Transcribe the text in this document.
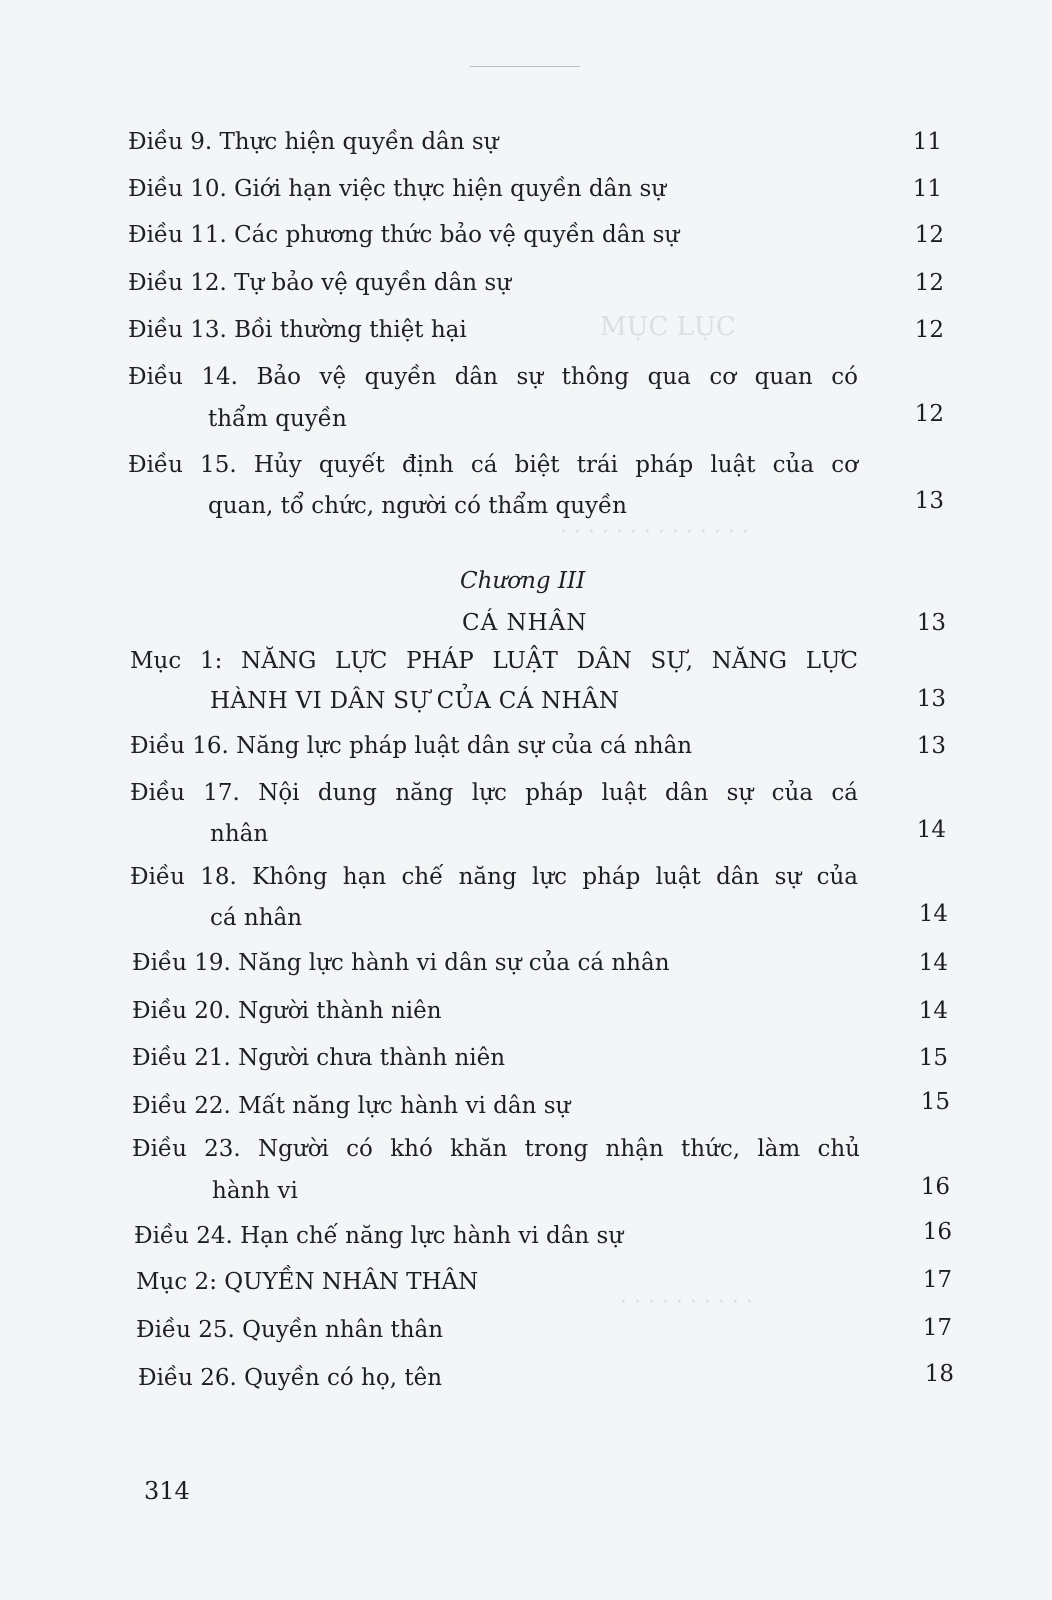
MỤC LỤC
· · · · · · · · · · · · · ·
· · · · · · · · · ·
Điều 9. Thực hiện quyền dân sự	11
Điều 10. Giới hạn việc thực hiện quyền dân sự	11
Điều 11. Các phương thức bảo vệ quyền dân sự	12
Điều 12. Tự bảo vệ quyền dân sự	12
Điều 13. Bồi thường thiệt hại	12
Điều 14. Bảo vệ quyền dân sự thông qua cơ quan có
thẩm quyền	12
Điều 15. Hủy quyết định cá biệt trái pháp luật của cơ
quan, tổ chức, người có thẩm quyền	13
Chương III
CÁ NHÂN	13
Mục 1: NĂNG LỰC PHÁP LUẬT DÂN SỰ, NĂNG LỰC
HÀNH VI DÂN SỰ CỦA CÁ NHÂN	13
Điều 16. Năng lực pháp luật dân sự của cá nhân	13
Điều 17. Nội dung năng lực pháp luật dân sự của cá
nhân	14
Điều 18. Không hạn chế năng lực pháp luật dân sự của
cá nhân	14
Điều 19. Năng lực hành vi dân sự của cá nhân	14
Điều 20. Người thành niên	14
Điều 21. Người chưa thành niên	15
Điều 22. Mất năng lực hành vi dân sự	15
Điều 23. Người có khó khăn trong nhận thức, làm chủ
hành vi	16
Điều 24. Hạn chế năng lực hành vi dân sự	16
Mục 2: QUYỀN NHÂN THÂN	17
Điều 25. Quyền nhân thân	17
Điều 26. Quyền có họ, tên	18
314
